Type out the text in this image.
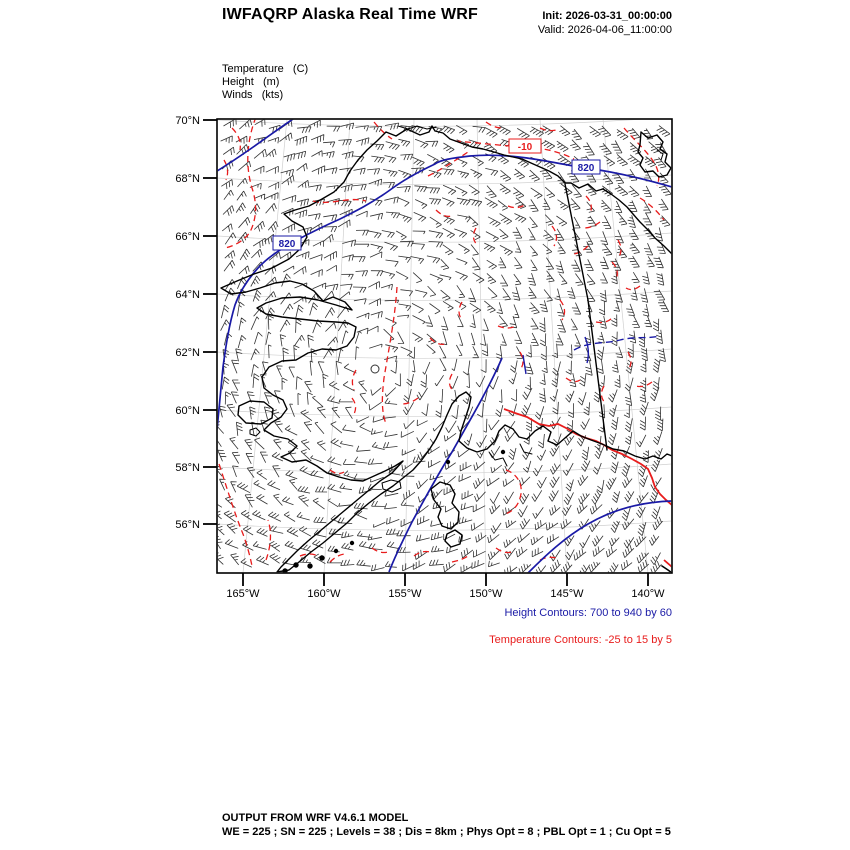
IWFAQRP Alaska Real Time WRF	Init: 2026-03-31_00:00:00
Valid: 2026-04-06_11:00:00
Temperature   (C)
Height   (m)
Winds   (kts)
820
820
-10
70°N
68°N
66°N
64°N
62°N
60°N
58°N
56°N
165°W	160°W	155°W	150°W	145°W	140°W
Height Contours: 700 to 940 by 60
Temperature Contours: -25 to 15 by 5
OUTPUT FROM WRF V4.6.1 MODEL
WE = 225 ; SN = 225 ; Levels = 38 ; Dis = 8km ; Phys Opt = 8 ; PBL Opt = 1 ; Cu Opt = 5
